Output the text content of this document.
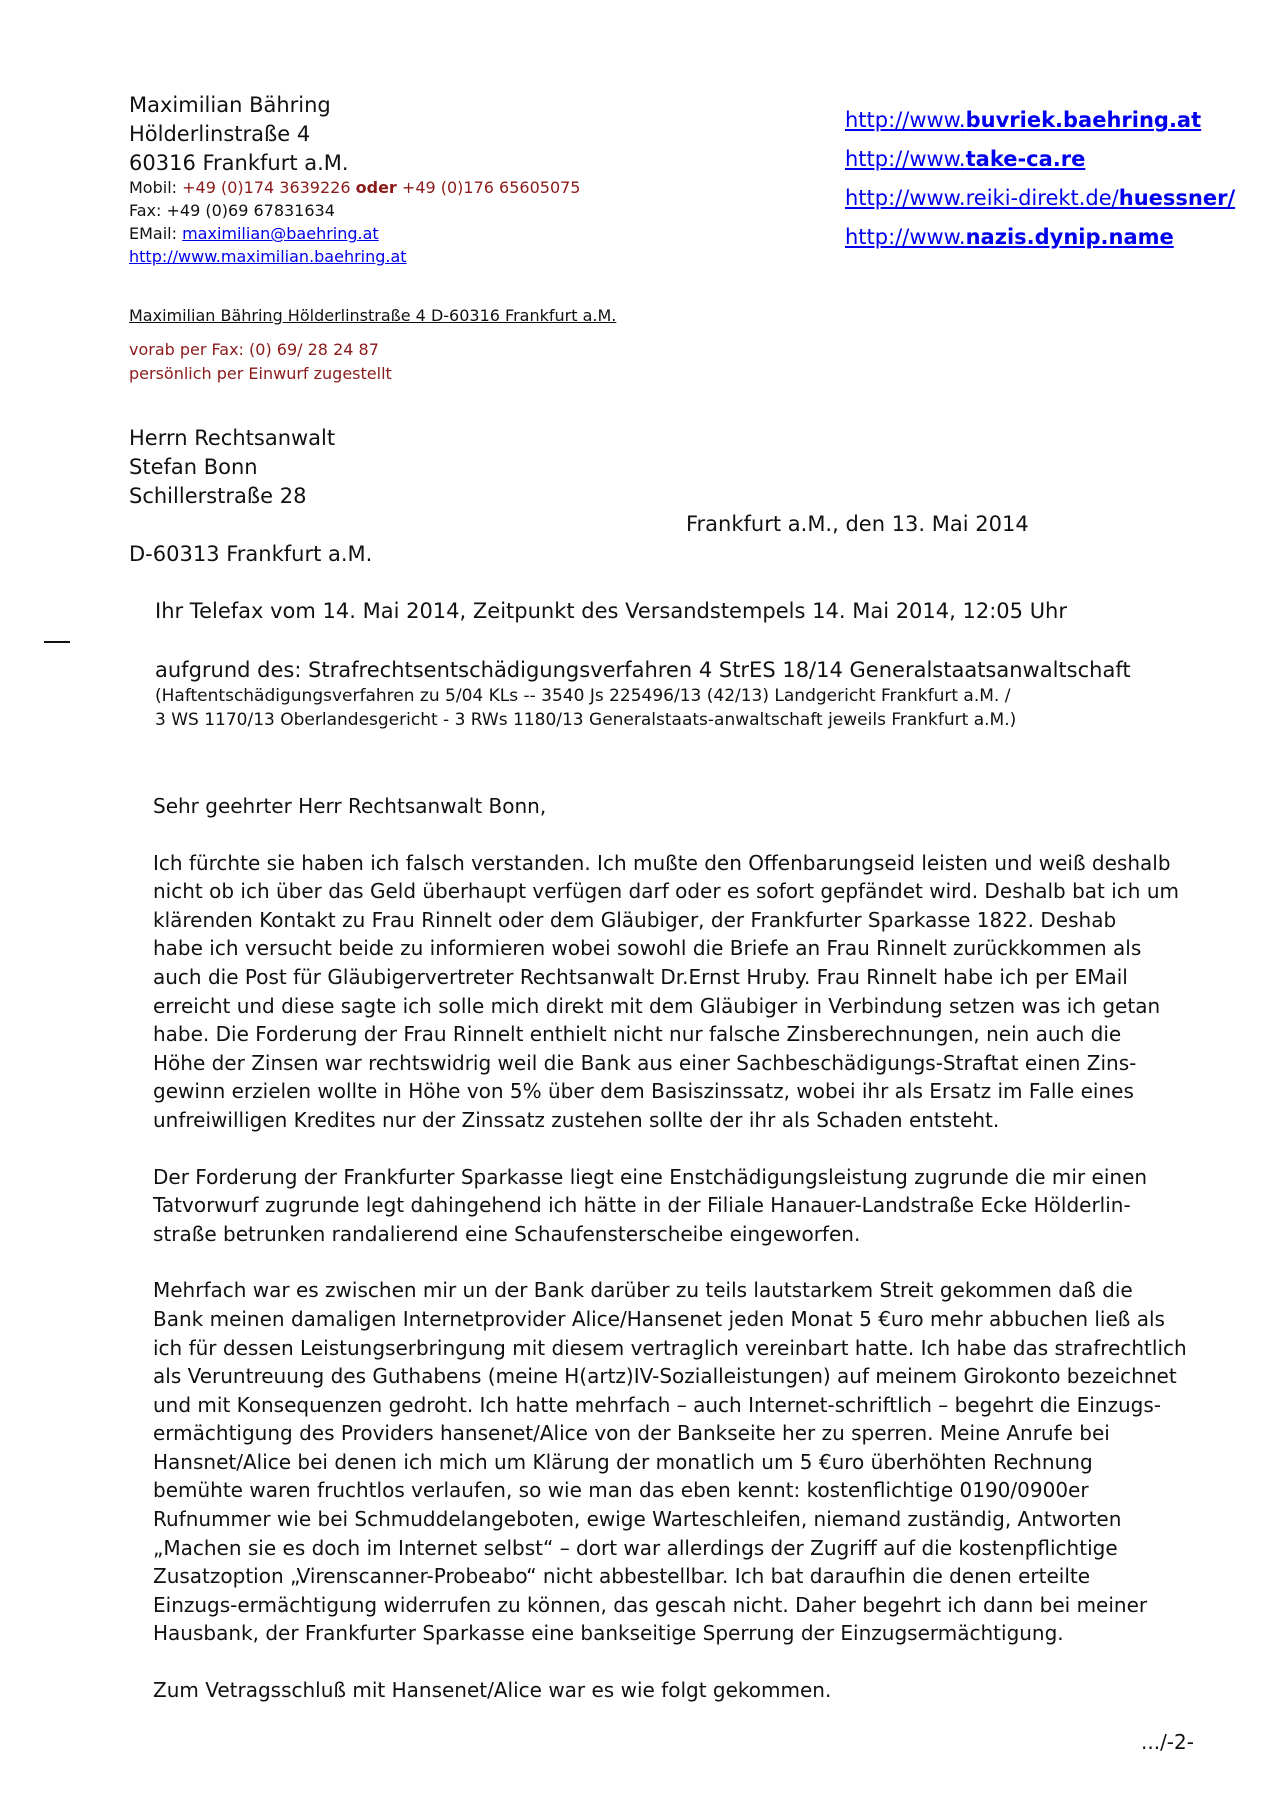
Maximilian Bähring
Hölderlinstraße 4
60316 Frankfurt a.M.
Mobil: +49 (0)174 3639226 oder +49 (0)176 65605075
Fax: +49 (0)69 67831634
EMail: maximilian@baehring.at
http://www.maximilian.baehring.at
http://www.buvriek.baehring.at
http://www.take-ca.re
http://www.reiki-direkt.de/huessner/
http://www.nazis.dynip.name
Maximilian Bähring Hölderlinstraße 4 D-60316 Frankfurt a.M.
vorab per Fax: (0) 69/ 28 24 87
persönlich per Einwurf zugestellt
Herrn Rechtsanwalt
Stefan Bonn
Schillerstraße 28
D-60313 Frankfurt a.M.
Frankfurt a.M., den 13. Mai 2014
Ihr Telefax vom 14. Mai 2014, Zeitpunkt des Versandstempels 14. Mai 2014, 12:05 Uhr
aufgrund des: Strafrechtsentschädigungsverfahren 4 StrES 18/14 Generalstaatsanwaltschaft
(Haftentschädigungsverfahren zu 5/04 KLs -- 3540 Js 225496/13 (42/13) Landgericht Frankfurt a.M. /
3 WS 1170/13 Oberlandesgericht - 3 RWs 1180/13 Generalstaats-anwaltschaft jeweils Frankfurt a.M.)

Sehr geehrter Herr Rechtsanwalt Bonn,

Ich fürchte sie haben ich falsch verstanden. Ich mußte den Offenbarungseid leisten und weiß deshalb
nicht ob ich über das Geld überhaupt verfügen darf oder es sofort gepfändet wird. Deshalb bat ich um
klärenden Kontakt zu Frau Rinnelt oder dem Gläubiger, der Frankfurter Sparkasse 1822. Deshab
habe ich versucht beide zu informieren wobei sowohl die Briefe an Frau Rinnelt zurückkommen als
auch die Post für Gläubigervertreter Rechtsanwalt Dr.Ernst Hruby. Frau Rinnelt habe ich per EMail
erreicht und diese sagte ich solle mich direkt mit dem Gläubiger in Verbindung setzen was ich getan
habe. Die Forderung der Frau Rinnelt enthielt nicht nur falsche Zinsberechnungen, nein auch die
Höhe der Zinsen war rechtswidrig weil die Bank aus einer Sachbeschädigungs-Straftat einen Zins-
gewinn erzielen wollte in Höhe von 5% über dem Basiszinssatz, wobei ihr als Ersatz im Falle eines
unfreiwilligen Kredites nur der Zinssatz zustehen sollte der ihr als Schaden entsteht.

Der Forderung der Frankfurter Sparkasse liegt eine Enstchädigungsleistung zugrunde die mir einen
Tatvorwurf zugrunde legt dahingehend ich hätte in der Filiale Hanauer-Landstraße Ecke Hölderlin-
straße betrunken randalierend eine Schaufensterscheibe eingeworfen.

Mehrfach war es zwischen mir un der Bank darüber zu teils lautstarkem Streit gekommen daß die
Bank meinen damaligen Internetprovider Alice/Hansenet jeden Monat 5 €uro mehr abbuchen ließ als
ich für dessen Leistungserbringung mit diesem vertraglich vereinbart hatte. Ich habe das strafrechtlich
als Veruntreuung des Guthabens (meine H(artz)IV-Sozialleistungen) auf meinem Girokonto bezeichnet
und mit Konsequenzen gedroht. Ich hatte mehrfach – auch Internet-schriftlich – begehrt die Einzugs-
ermächtigung des Providers hansenet/Alice von der Bankseite her zu sperren. Meine Anrufe bei
Hansnet/Alice bei denen ich mich um Klärung der monatlich um 5 €uro überhöhten Rechnung
bemühte waren fruchtlos verlaufen, so wie man das eben kennt: kostenflichtige 0190/0900er
Rufnummer wie bei Schmuddelangeboten, ewige Warteschleifen, niemand zuständig, Antworten
„Machen sie es doch im Internet selbst“ – dort war allerdings der Zugriff auf die kostenpflichtige
Zusatzoption „Virenscanner-Probeabo“ nicht abbestellbar. Ich bat daraufhin die denen erteilte
Einzugs-ermächtigung widerrufen zu können, das gescah nicht. Daher begehrt ich dann bei meiner
Hausbank, der Frankfurter Sparkasse eine bankseitige Sperrung der Einzugsermächtigung.

Zum Vetragsschluß mit Hansenet/Alice war es wie folgt gekommen.

.../-2-
